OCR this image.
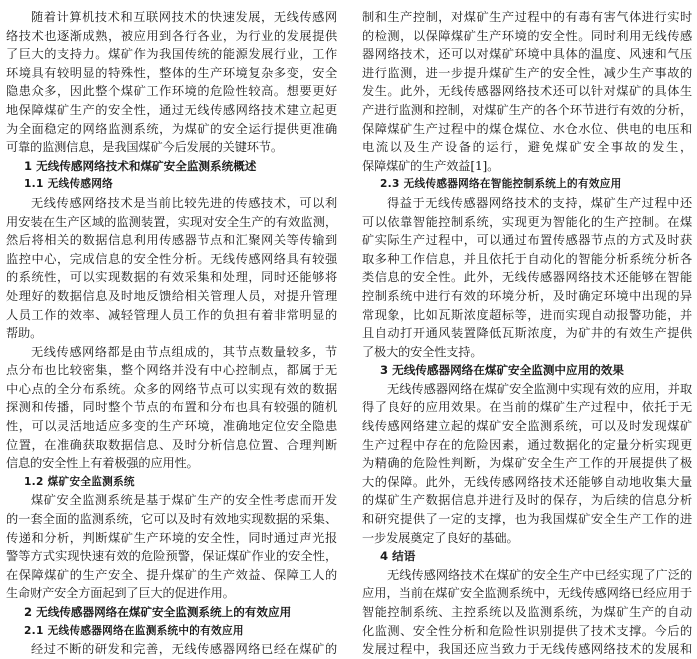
随着计算机技术和互联网技术的快速发展，无线传感网
络技术也逐渐成熟，被应用到各行各业，为行业的发展提供
了巨大的支持力。煤矿作为我国传统的能源发展行业，工作
环境具有较明显的特殊性，整体的生产环境复杂多变，安全
隐患众多，因此整个煤矿工作环境的危险性较高。想要更好
地保障煤矿生产的安全性，通过无线传感网络技术建立起更
为全面稳定的网络监测系统，为煤矿的安全运行提供更准确
可靠的监测信息，是我国煤矿今后发展的关键环节。
1 无线传感网络技术和煤矿安全监测系统概述
1.1 无线传感网络
无线传感网络技术是当前比较先进的传感技术，可以利
用安装在生产区域的监测装置，实现对安全生产的有效监测，
然后将相关的数据信息利用传感器节点和汇聚网关等传输到
监控中心，完成信息的安全性分析。无线传感网络具有较强
的系统性，可以实现数据的有效采集和处理，同时还能够将
处理好的数据信息及时地反馈给相关管理人员，对提升管理
人员工作的效率、减轻管理人员工作的负担有着非常明显的
帮助。
无线传感网络都是由节点组成的，其节点数量较多，节
点分布也比较密集，整个网络并没有中心控制点，都属于无
中心点的全分布系统。众多的网络节点可以实现有效的数据
探测和传播，同时整个节点的布置和分布也具有较强的随机
性，可以灵活地适应多变的生产环境，准确地定位安全隐患
位置，在准确获取数据信息、及时分析信息位置、合理判断
信息的安全性上有着极强的应用性。
1.2 煤矿安全监测系统
煤矿安全监测系统是基于煤矿生产的安全性考虑而开发
的一套全面的监测系统，它可以及时有效地实现数据的采集、
传递和分析，判断煤矿生产环境的安全性，同时通过声光报
警等方式实现快速有效的危险预警，保证煤矿作业的安全性，
在保障煤矿的生产安全、提升煤矿的生产效益、保障工人的
生命财产安全方面起到了巨大的促进作用。
2 无线传感器网络在煤矿安全监测系统上的有效应用
2.1 无线传感器网络在监测系统中的有效应用
经过不断的研发和完善，无线传感器网络已经在煤矿的
制和生产控制，对煤矿生产过程中的有毒有害气体进行实时
的检测，以保障煤矿生产环境的安全性。同时利用无线传感
器网络技术，还可以对煤矿环境中具体的温度、风速和气压
进行监测，进一步提升煤矿生产的安全性，减少生产事故的
发生。此外，无线传感器网络技术还可以针对煤矿的具体生
产进行监测和控制，对煤矿生产的各个环节进行有效的分析，
保障煤矿生产过程中的煤仓煤位、水仓水位、供电的电压和
电流以及生产设备的运行，避免煤矿安全事故的发生，
保障煤矿的生产效益[1]。
2.3 无线传感器网络在智能控制系统上的有效应用
得益于无线传感器网络技术的支持，煤矿生产过程中还
可以依靠智能控制系统，实现更为智能化的生产控制。在煤
矿实际生产过程中，可以通过布置传感器节点的方式及时获
取多种工作信息，并且依托于自动化的智能分析系统分析各
类信息的安全性。此外，无线传感器网络技术还能够在智能
控制系统中进行有效的环境分析，及时确定环境中出现的异
常现象，比如瓦斯浓度超标等，进而实现自动报警功能，并
且自动打开通风装置降低瓦斯浓度，为矿井的有效生产提供
了极大的安全性支持。
3 无线传感器网络在煤矿安全监测中应用的效果
无线传感器网络在煤矿安全监测中实现有效的应用，并取
得了良好的应用效果。在当前的煤矿生产过程中，依托于无
线传感网络建立起的煤矿安全监测系统，可以及时发现煤矿
生产过程中存在的危险因素，通过数据化的定量分析实现更
为精确的危险性判断，为煤矿安全生产工作的开展提供了极
大的保障。此外，无线传感网络技术还能够自动地收集大量
的煤矿生产数据信息并进行及时的保存，为后续的信息分析
和研究提供了一定的支撑，也为我国煤矿安全生产工作的进
一步发展奠定了良好的基础。
4 结语
无线传感网络技术在煤矿的安全生产中已经实现了广泛的
应用，当前在煤矿安全监测系统中，无线传感网络已经应用于
智能控制系统、主控系统以及监测系统，为煤矿生产的自动
化监测、安全性分析和危险性识别提供了技术支撑。今后的
发展过程中，我国还应当致力于无线传感网络技术的发展和
